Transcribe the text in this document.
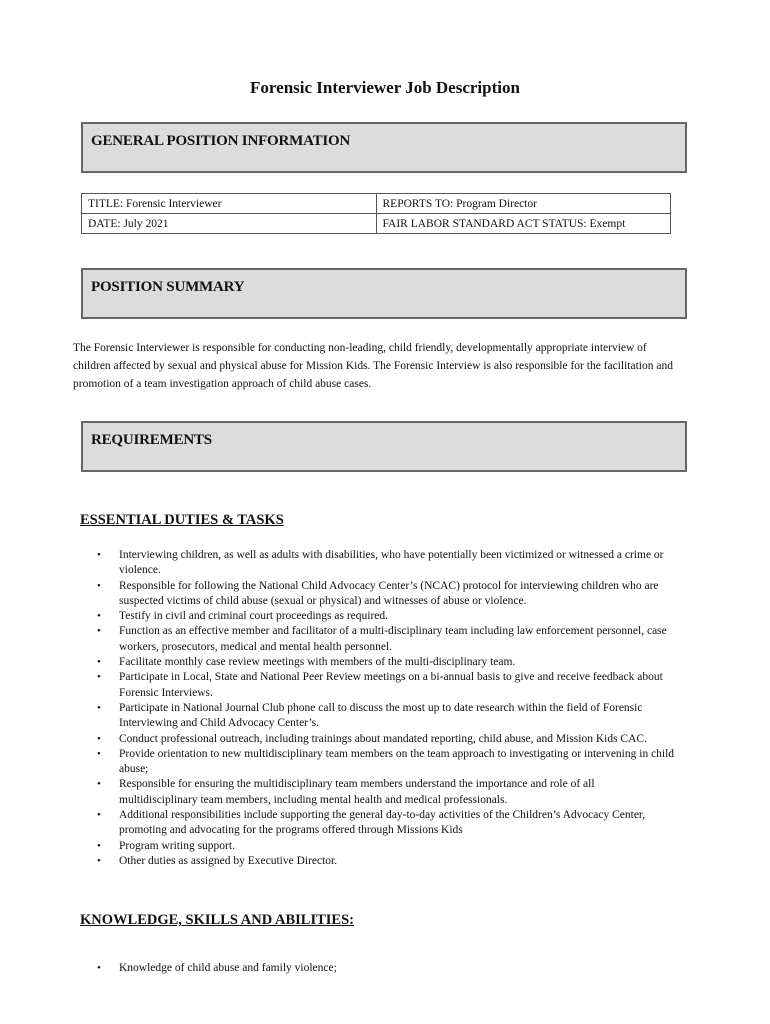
Forensic Interviewer Job Description
GENERAL POSITION INFORMATION
TITLE: Forensic Interviewer	REPORTS TO: Program Director
DATE: July 2021	FAIR LABOR STANDARD ACT STATUS: Exempt
POSITION SUMMARY

The Forensic Interviewer is responsible for conducting non-leading, child friendly, developmentally appropriate interview of children affected by sexual and physical abuse for Mission Kids. The Forensic Interview is also responsible for the facilitation and promotion of a team investigation approach of child abuse cases.

REQUIREMENTS
ESSENTIAL DUTIES & TASKS
• Interviewing children, as well as adults with disabilities, who have potentially been victimized or witnessed a crime or violence.
• Responsible for following the National Child Advocacy Center’s (NCAC) protocol for interviewing children who are suspected victims of child abuse (sexual or physical) and witnesses of abuse or violence.
• Testify in civil and criminal court proceedings as required.
• Function as an effective member and facilitator of a multi-disciplinary team including law enforcement personnel, case workers, prosecutors, medical and mental health personnel.
• Facilitate monthly case review meetings with members of the multi-disciplinary team.
• Participate in Local, State and National Peer Review meetings on a bi-annual basis to give and receive feedback about Forensic Interviews.
• Participate in National Journal Club phone call to discuss the most up to date research within the field of Forensic Interviewing and Child Advocacy Center’s.
• Conduct professional outreach, including trainings about mandated reporting, child abuse, and Mission Kids CAC.
• Provide orientation to new multidisciplinary team members on the team approach to investigating or intervening in child abuse;
• Responsible for ensuring the multidisciplinary team members understand the importance and role of all multidisciplinary team members, including mental health and medical professionals.
• Additional responsibilities include supporting the general day-to-day activities of the Children’s Advocacy Center, promoting and advocating for the programs offered through Missions Kids
• Program writing support.
• Other duties as assigned by Executive Director.
KNOWLEDGE, SKILLS AND ABILITIES:
• Knowledge of child abuse and family violence;
